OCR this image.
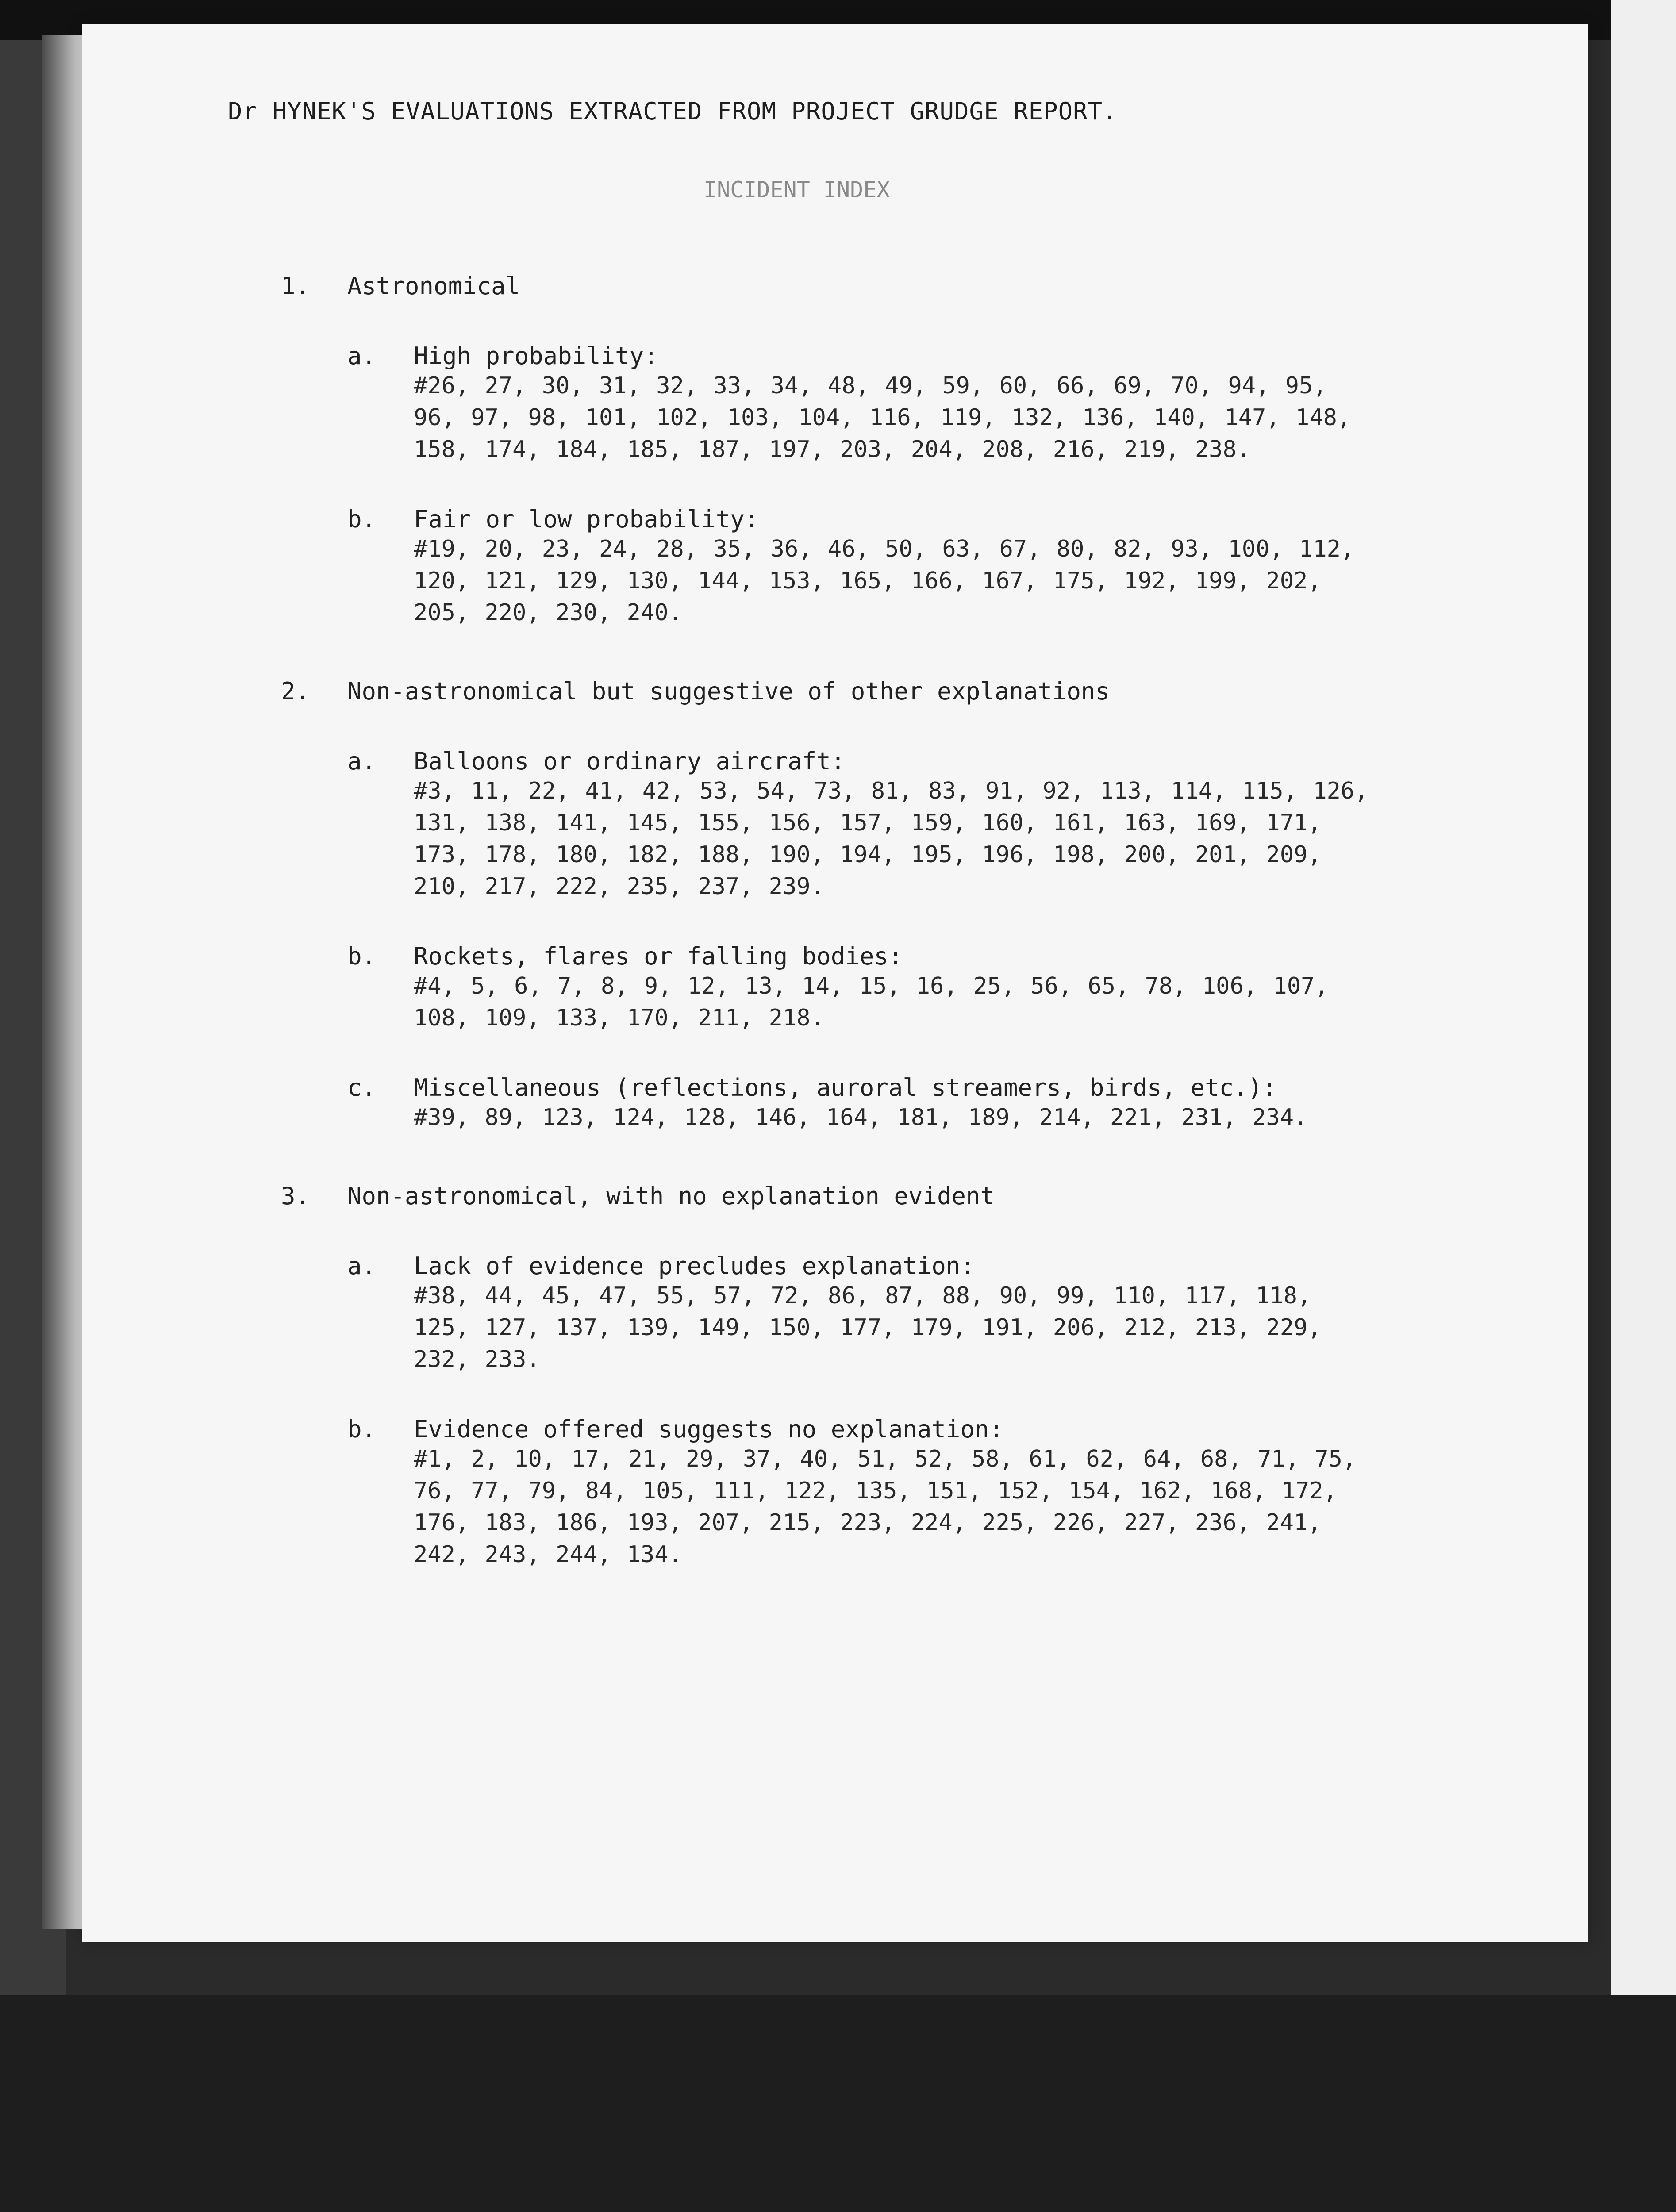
Dr HYNEK'S EVALUATIONS EXTRACTED FROM PROJECT GRUDGE REPORT.
INCIDENT INDEX
1. Astronomical
a. High probability:
#26, 27, 30, 31, 32, 33, 34, 48, 49, 59, 60, 66, 69, 70, 94, 95, 96, 97, 98, 101, 102, 103, 104, 116, 119, 132, 136, 140, 147, 148, 158, 174, 184, 185, 187, 197, 203, 204, 208, 216, 219, 238.
b. Fair or low probability:
#19, 20, 23, 24, 28, 35, 36, 46, 50, 63, 67, 80, 82, 93, 100, 112, 120, 121, 129, 130, 144, 153, 165, 166, 167, 175, 192, 199, 202, 205, 220, 230, 240.
2. Non-astronomical but suggestive of other explanations
a. Balloons or ordinary aircraft:
#3, 11, 22, 41, 42, 53, 54, 73, 81, 83, 91, 92, 113, 114, 115, 126, 131, 138, 141, 145, 155, 156, 157, 159, 160, 161, 163, 169, 171, 173, 178, 180, 182, 188, 190, 194, 195, 196, 198, 200, 201, 209, 210, 217, 222, 235, 237, 239.
b. Rockets, flares or falling bodies:
#4, 5, 6, 7, 8, 9, 12, 13, 14, 15, 16, 25, 56, 65, 78, 106, 107, 108, 109, 133, 170, 211, 218.
c. Miscellaneous (reflections, auroral streamers, birds, etc.):
#39, 89, 123, 124, 128, 146, 164, 181, 189, 214, 221, 231, 234.
3. Non-astronomical, with no explanation evident
a. Lack of evidence precludes explanation:
#38, 44, 45, 47, 55, 57, 72, 86, 87, 88, 90, 99, 110, 117, 118, 125, 127, 137, 139, 149, 150, 177, 179, 191, 206, 212, 213, 229, 232, 233.
b. Evidence offered suggests no explanation:
#1, 2, 10, 17, 21, 29, 37, 40, 51, 52, 58, 61, 62, 64, 68, 71, 75, 76, 77, 79, 84, 105, 111, 122, 135, 151, 152, 154, 162, 168, 172, 176, 183, 186, 193, 207, 215, 223, 224, 225, 226, 227, 236, 241, 242, 243, 244, 134.
